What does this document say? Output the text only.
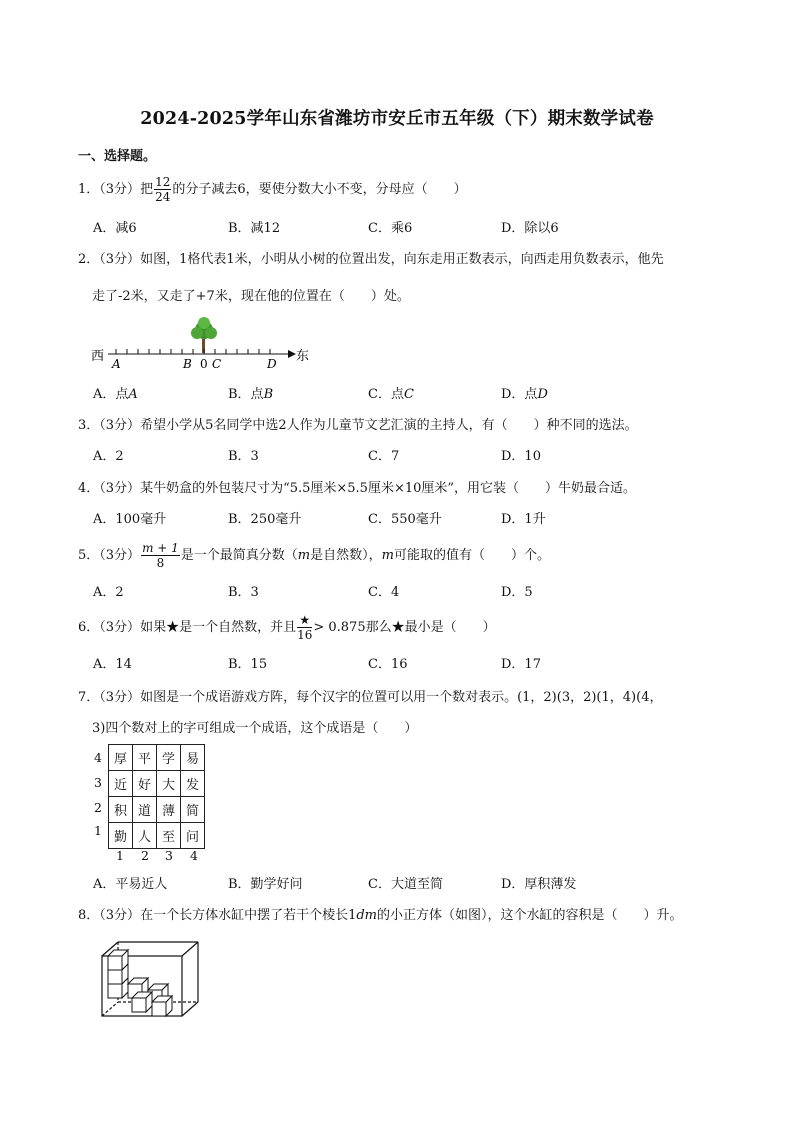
2024-2025学年山东省潍坊市安丘市五年级（下）期末数学试卷
一、选择题。
1．（3分）把 $\frac{12}{24}$ 的分子减去6，要使分数大小不变，分母应（　　）
A．减6	B．减12	C．乘6	D．除以6
2．（3分）如图，1格代表1米，小明从小树的位置出发，向东走用正数表示，向西走用负数表示，他先
走了-2米，又走了+7米，现在他的位置在（　　）处。
西	东
A	B 0 C	D
A．点A	B．点B	C．点C	D．点D
3．（3分）希望小学从5名同学中选2人作为儿童节文艺汇演的主持人，有（　　）种不同的选法。
A．2	B．3	C．7	D．10
4．（3分）某牛奶盒的外包装尺寸为“5.5厘米×5.5厘米×10厘米”，用它装（　　）牛奶最合适。
A．100毫升	B．250毫升	C．550毫升	D．1升
5．（3分） $\frac{m + 1}{8}$ 是一个最简真分数（m是自然数），m可能取的值有（　　）个。
A．2	B．3	C．4	D．5
6．（3分）如果★是一个自然数，并且 $\frac{★}{16} > 0.875$那么★最小是（　　）
A．14	B．15	C．16	D．17
7．（3分）如图是一个成语游戏方阵，每个汉字的位置可以用一个数对表示。(1，2)(3，2)(1，4)(4，
3)四个数对上的字可组成一个成语，这个成语是（　　）
4
3
2
1
厚	平	学	易
近	好	大	发
积	道	薄	简
勤	人	至	问
1 2 3 4
A．平易近人	B．勤学好问	C．大道至简	D．厚积薄发
8．（3分）在一个长方体水缸中摆了若干个棱长1dm的小正方体（如图），这个水缸的容积是（　　）升。
